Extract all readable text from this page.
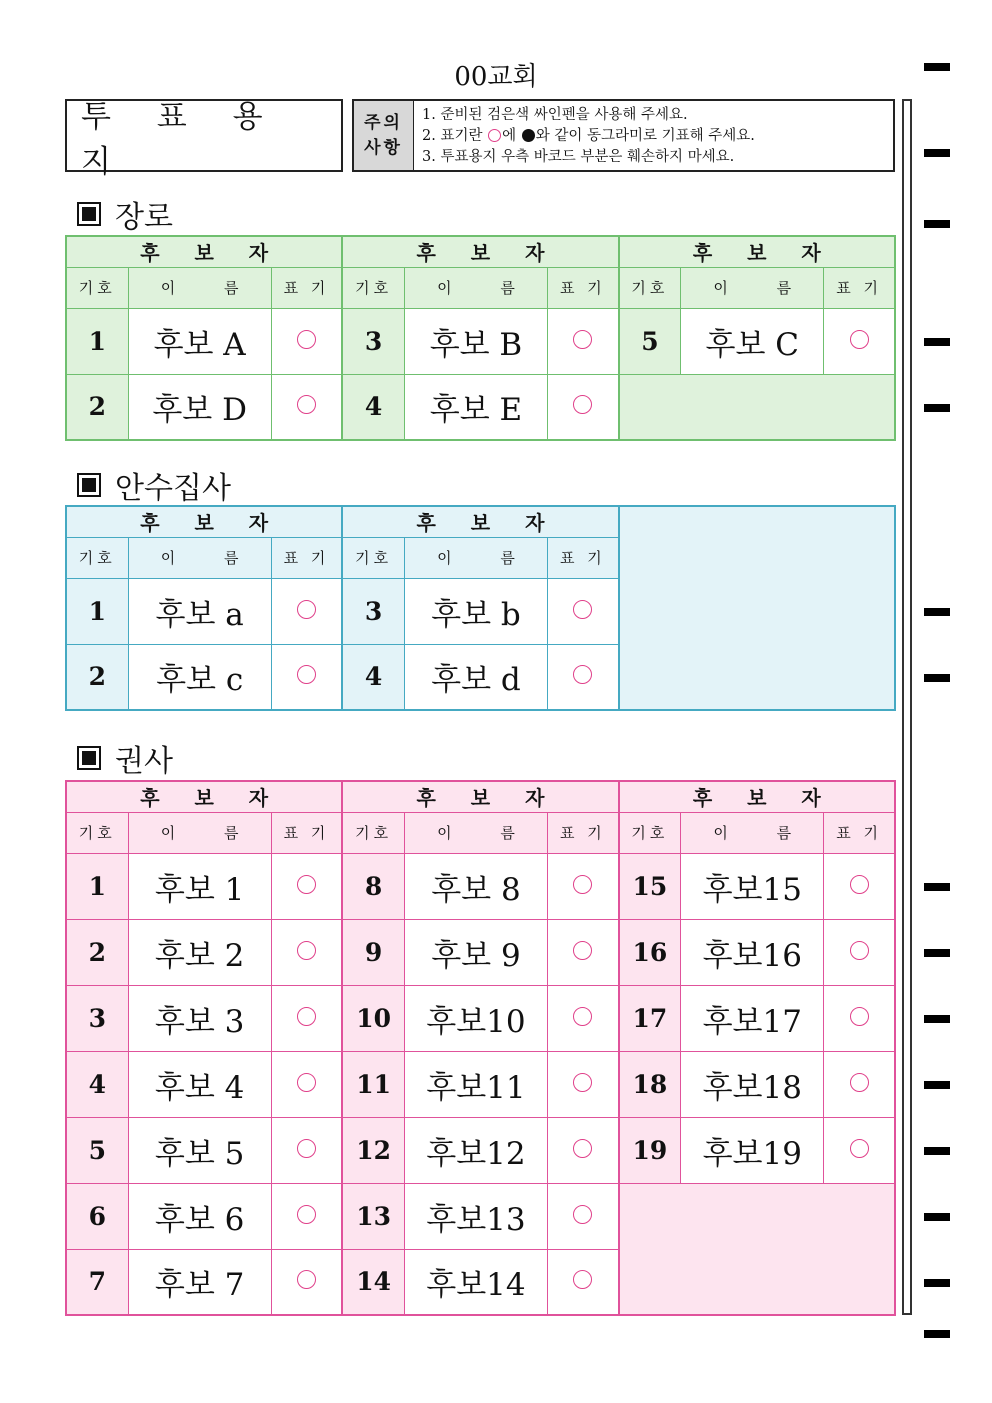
00교회
투 표 용 지
주의
사항
1. 준비된 검은색 싸인펜을 사용해 주세요.
2. 표기란 에 와 같이 동그라미로 기표해 주세요.
3. 투표용지 우측 바코드 부분은 훼손하지 마세요.
장로
후 보 자			후 보 자			후 보 자		
기호	이 름	표 기	기호	이 름	표 기	기호	이 름	표 기
1	후보 A		3	후보 B		5	후보 C	
2	후보 D		4	후보 E				
안수집사
후 보 자			후 보 자			
기호	이 름	표 기	기호	이 름	표 기	
1	후보 a		3	후보 b		
2	후보 c		4	후보 d		
권사
후 보 자			후 보 자			후 보 자		
기호	이 름	표 기	기호	이 름	표 기	기호	이 름	표 기
1	후보 1		8	후보 8		15	후보15	
2	후보 2		9	후보 9		16	후보16	
3	후보 3		10	후보10		17	후보17	
4	후보 4		11	후보11		18	후보18	
5	후보 5		12	후보12		19	후보19	
6	후보 6		13	후보13				
7	후보 7		14	후보14				
